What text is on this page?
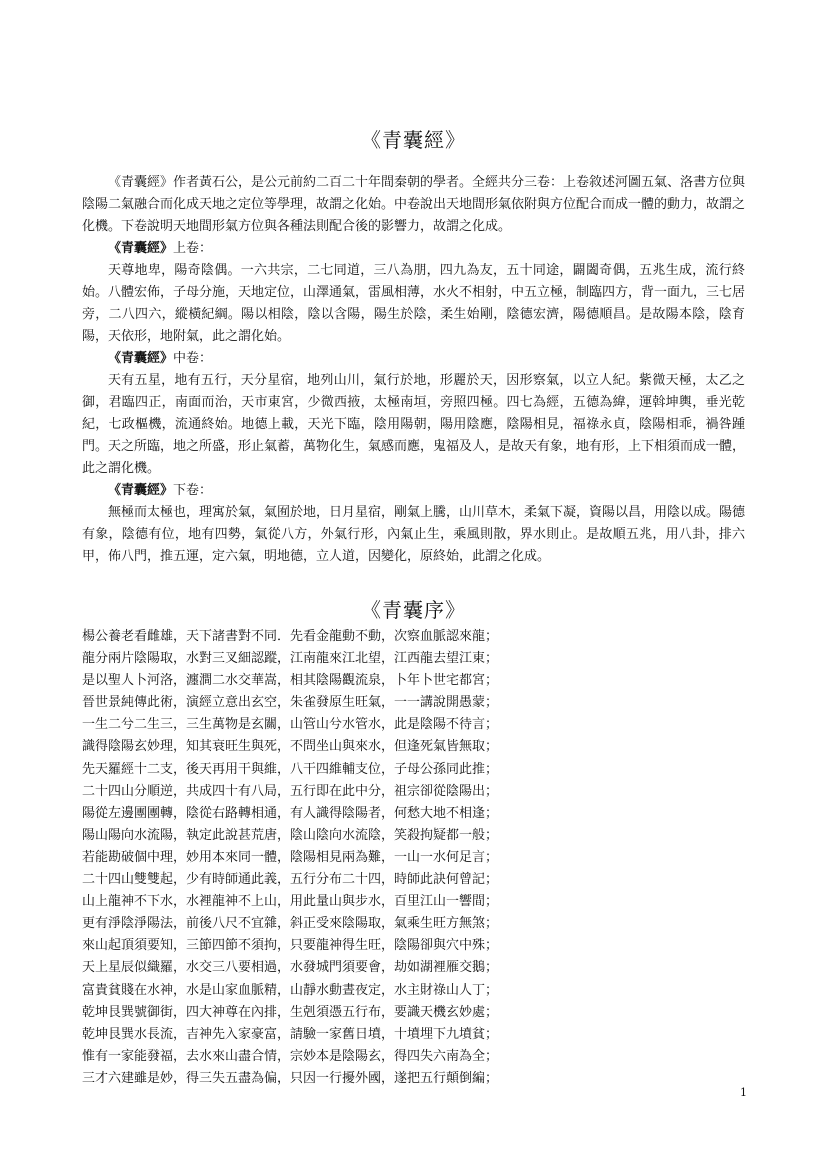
《青囊經》

《青囊經》作者黃石公，是公元前約二百二十年間秦朝的學者。全經共分三卷：上卷敘述河圖五氣、洛書方位與陰陽二氣融合而化成天地之定位等學理，故謂之化始。中卷說出天地間形氣依附與方位配合而成一體的動力，故謂之化機。下卷說明天地間形氣方位與各種法則配合後的影響力，故謂之化成。

《青囊經》上卷：

天尊地卑，陽奇陰偶。一六共宗，二七同道，三八為朋，四九為友，五十同途，闢闔奇偶，五兆生成，流行終始。八體宏佈，子母分施，天地定位，山澤通氣，雷風相薄，水火不相射，中五立極，制臨四方，背一面九，三七居旁，二八四六，縱橫紀綱。陽以相陰，陰以含陽，陽生於陰，柔生始剛，陰德宏濟，陽德順昌。是故陽本陰，陰育陽，天依形，地附氣，此之謂化始。

《青囊經》中卷：

天有五星，地有五行，天分星宿，地列山川，氣行於地，形麗於天，因形察氣，以立人紀。紫微天極，太乙之御，君臨四正，南面而治，天市東宮，少微西掖，太極南垣，旁照四極。四七為經，五德為緯，運斡坤輿，垂光乾紀，七政樞機，流通終始。地德上載，天光下臨，陰用陽朝，陽用陰應，陰陽相見，福祿永貞，陰陽相乖，禍咎踵門。天之所臨，地之所盛，形止氣蓄，萬物化生，氣感而應，鬼福及人，是故天有象，地有形，上下相須而成一體，此之謂化機。

《青囊經》下卷：

無極而太極也，理寓於氣，氣囿於地，日月星宿，剛氣上騰，山川草木，柔氣下凝，資陽以昌，用陰以成。陽德有象，陰德有位，地有四勢，氣從八方，外氣行形，內氣止生，乘風則散，界水則止。是故順五兆，用八卦，排六甲，佈八門，推五運，定六氣，明地德，立人道，因變化，原終始，此謂之化成。

《青囊序》
楊公養老看雌雄，天下諸書對不同．先看金龍動不動，次察血脈認來龍；
龍分兩片陰陽取，水對三叉細認蹤，江南龍來江北望，江西龍去望江東；
是以聖人卜河洛，瀍澗二水交華嵩，相其陰陽觀流泉，卜年卜世宅都宮；
晉世景純傳此術，演經立意出玄空，朱雀發原生旺氣，一一講說開愚蒙；
一生二兮二生三，三生萬物是玄關，山管山兮水管水，此是陰陽不待言；
識得陰陽玄妙理，知其衰旺生與死，不問坐山與來水，但逢死氣皆無取；
先天羅經十二支，後天再用干與維，八干四維輔支位，子母公孫同此推；
二十四山分順逆，共成四十有八局，五行即在此中分，祖宗卻從陰陽出；
陽從左邊團團轉，陰從右路轉相通，有人識得陰陽者，何愁大地不相逢；
陽山陽向水流陽，執定此說甚荒唐，陰山陰向水流陰，笑殺拘疑都一般；
若能勘破個中理，妙用本來同一體，陰陽相見兩為難，一山一水何足言；
二十四山雙雙起，少有時師通此義，五行分布二十四，時師此訣何曾記；
山上龍神不下水，水裡龍神不上山，用此量山與步水，百里江山一響間；
更有淨陰淨陽法，前後八尺不宜雜，斜正受來陰陽取，氣乘生旺方無煞；
來山起頂須要知，三節四節不須拘，只要龍神得生旺，陰陽卻與穴中殊；
天上星辰似織羅，水交三八要相過，水發城門須要會，劫如湖裡雁交鵝；
富貴貧賤在水神，水是山家血脈精，山靜水動晝夜定，水主財祿山人丁；
乾坤艮巽號御街，四大神尊在內排，生剋須憑五行布，要識天機玄妙處；
乾坤艮巽水長流，吉神先入家豪富，請驗一家舊日墳，十墳埋下九墳貧；
惟有一家能發福，去水來山盡合情，宗妙本是陰陽玄，得四失六南為全；
三才六建雖是妙，得三失五盡為偏，只因一行擾外國，遂把五行顛倒編；
1
